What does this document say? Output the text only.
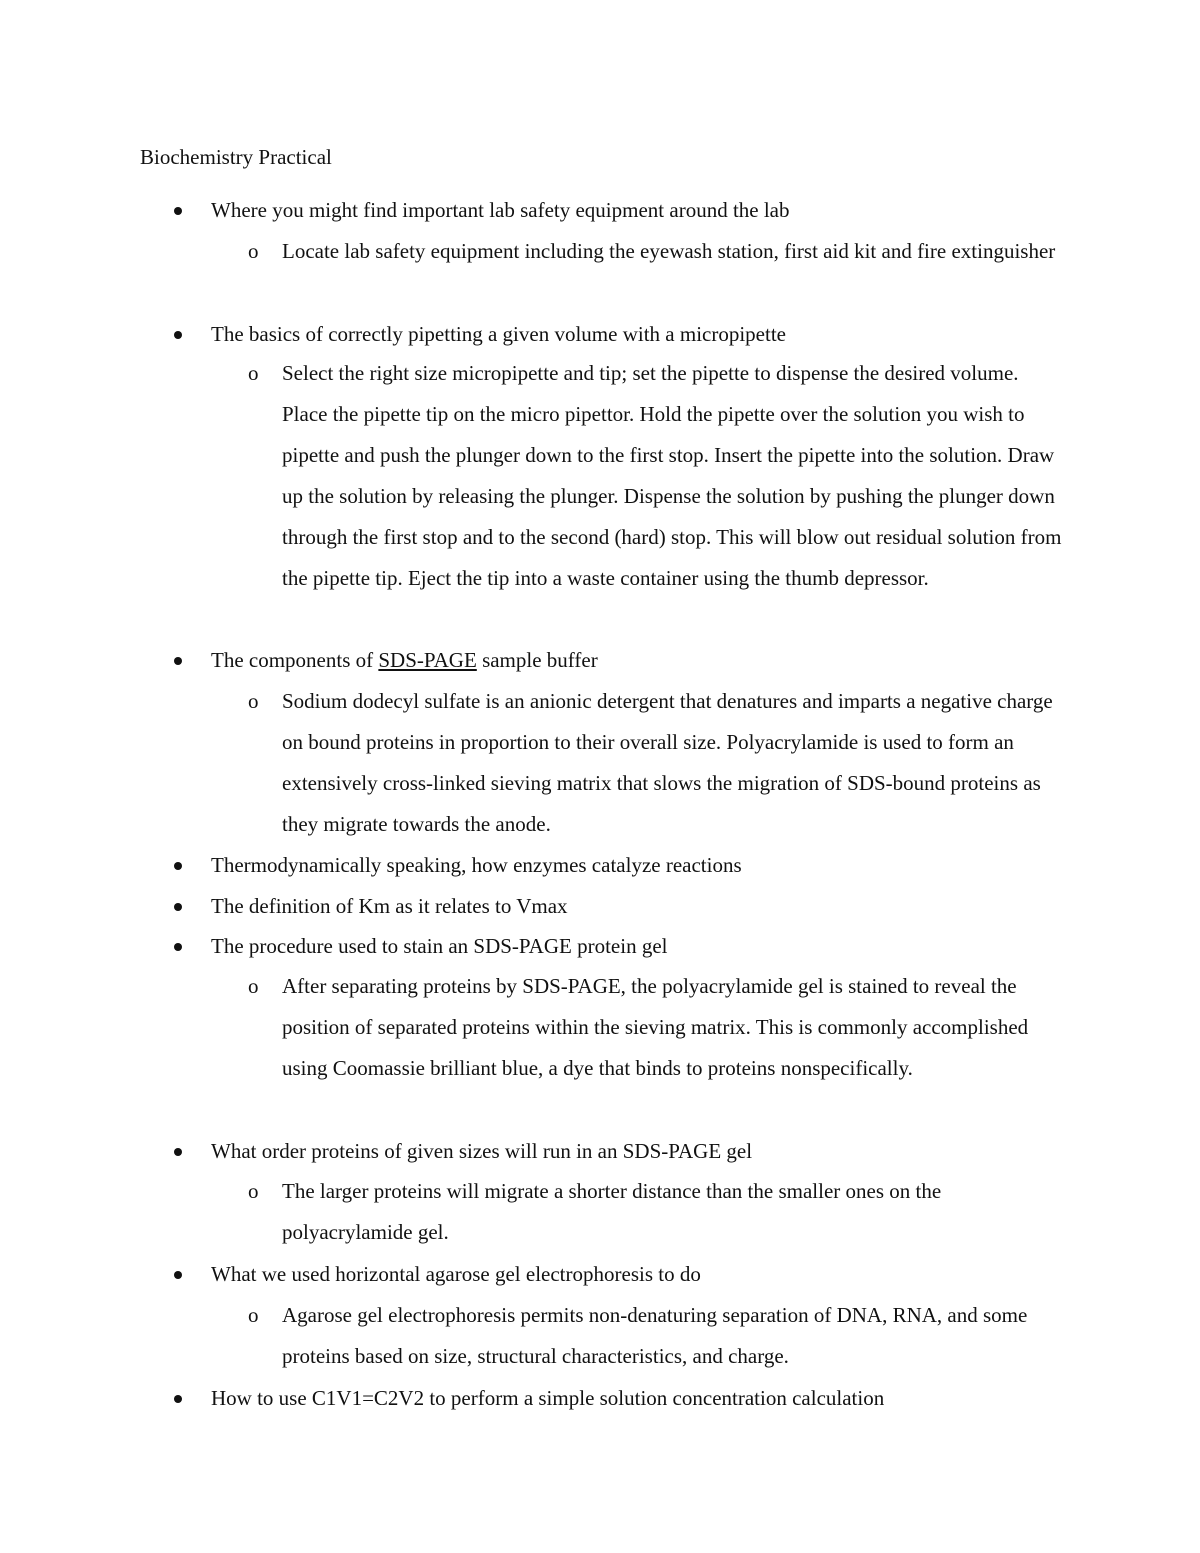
Biochemistry Practical
Where you might find important lab safety equipment around the lab
o Locate lab safety equipment including the eyewash station, first aid kit and fire extinguisher
The basics of correctly pipetting a given volume with a micropipette
o Select the right size micropipette and tip; set the pipette to dispense the desired volume. Place the pipette tip on the micro pipettor. Hold the pipette over the solution you wish to pipette and push the plunger down to the first stop. Insert the pipette into the solution. Draw up the solution by releasing the plunger. Dispense the solution by pushing the plunger down through the first stop and to the second (hard) stop. This will blow out residual solution from the pipette tip. Eject the tip into a waste container using the thumb depressor.
The components of SDS-PAGE sample buffer
o Sodium dodecyl sulfate is an anionic detergent that denatures and imparts a negative charge on bound proteins in proportion to their overall size. Polyacrylamide is used to form an extensively cross-linked sieving matrix that slows the migration of SDS-bound proteins as they migrate towards the anode.
Thermodynamically speaking, how enzymes catalyze reactions
The definition of Km as it relates to Vmax
The procedure used to stain an SDS-PAGE protein gel
o After separating proteins by SDS-PAGE, the polyacrylamide gel is stained to reveal the position of separated proteins within the sieving matrix. This is commonly accomplished using Coomassie brilliant blue, a dye that binds to proteins nonspecifically.
What order proteins of given sizes will run in an SDS-PAGE gel
o The larger proteins will migrate a shorter distance than the smaller ones on the polyacrylamide gel.
What we used horizontal agarose gel electrophoresis to do
o Agarose gel electrophoresis permits non-denaturing separation of DNA, RNA, and some proteins based on size, structural characteristics, and charge.
How to use C1V1=C2V2 to perform a simple solution concentration calculation
